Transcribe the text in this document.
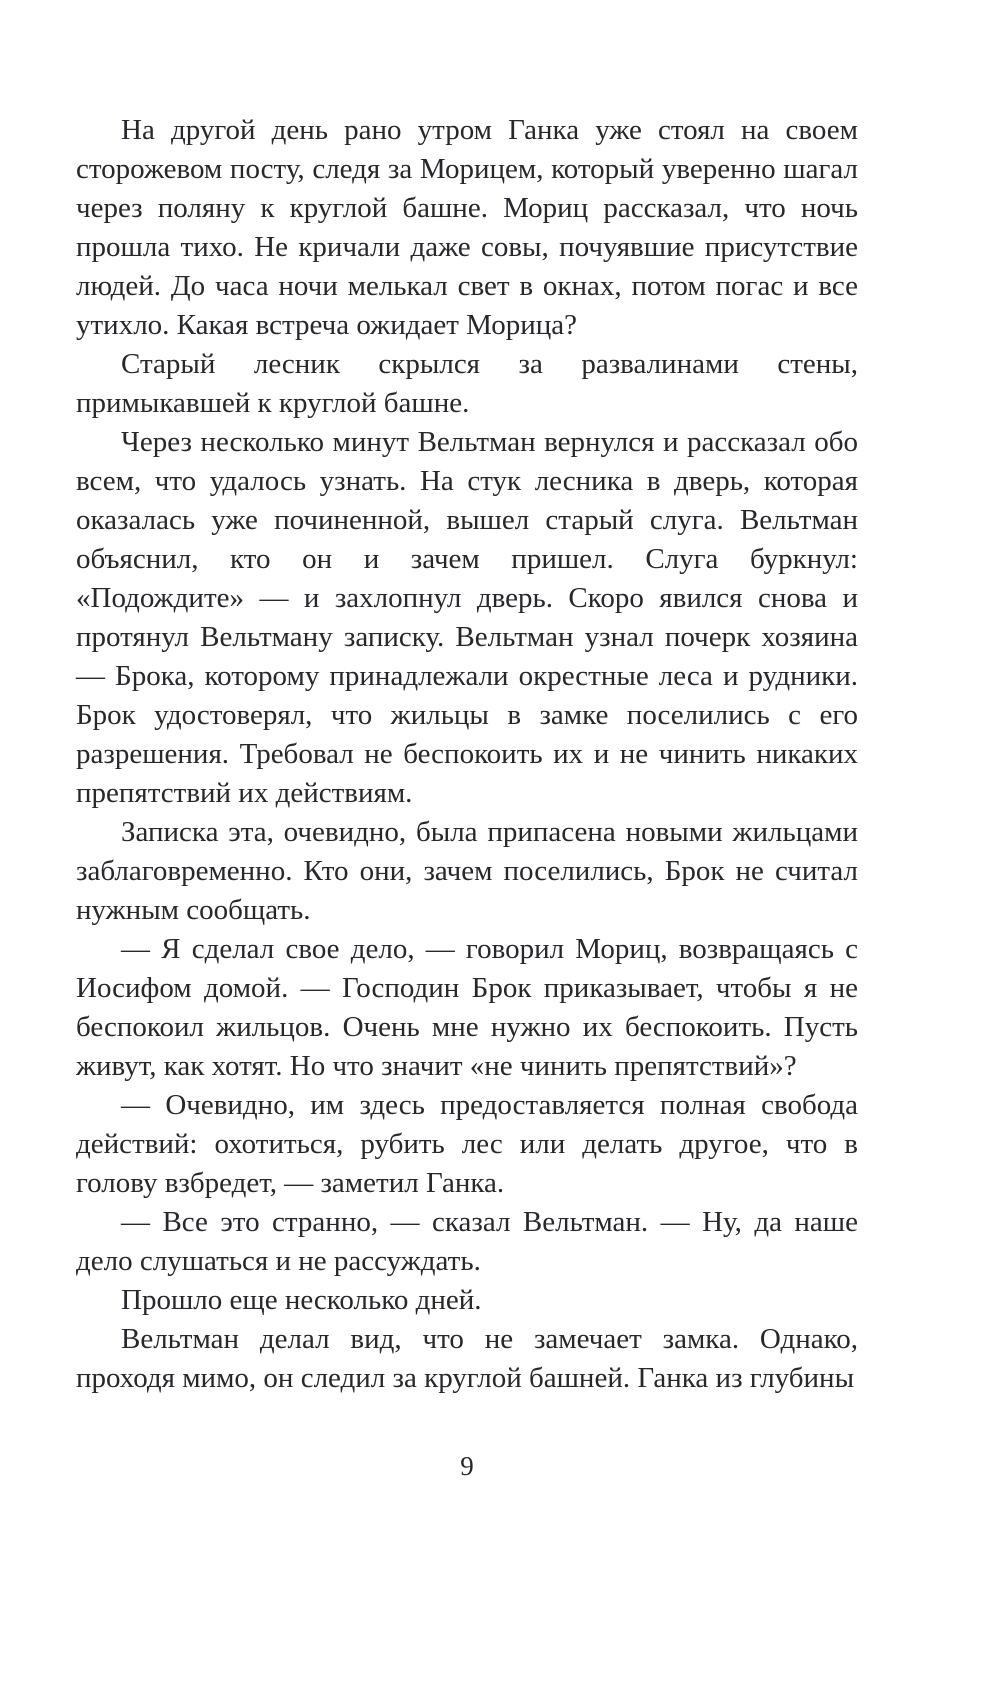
На другой день рано утром Ганка уже стоял на своем сторожевом посту, следя за Морицем, который уверенно шагал через поляну к круглой башне. Мориц рассказал, что ночь прошла тихо. Не кричали даже совы, почуявшие присутствие людей. До часа ночи мелькал свет в окнах, потом погас и все утихло. Какая встреча ожидает Морица?

Старый лесник скрылся за развалинами стены, примыкавшей к круглой башне.

Через несколько минут Вельтман вернулся и рассказал обо всем, что удалось узнать. На стук лесника в дверь, которая оказалась уже починенной, вышел старый слуга. Вельтман объяснил, кто он и зачем пришел. Слуга буркнул: «Подождите» — и захлопнул дверь. Скоро явился снова и протянул Вельтману записку. Вельтман узнал почерк хозяина — Брока, которому принадлежали окрестные леса и рудники. Брок удостоверял, что жильцы в замке поселились с его разрешения. Требовал не беспокоить их и не чинить никаких препятствий их действиям.

Записка эта, очевидно, была припасена новыми жильцами заблаговременно. Кто они, зачем поселились, Брок не считал нужным сообщать.

— Я сделал свое дело, — говорил Мориц, возвращаясь с Иосифом домой. — Господин Брок приказывает, чтобы я не беспокоил жильцов. Очень мне нужно их беспокоить. Пусть живут, как хотят. Но что значит «не чинить препятствий»?

— Очевидно, им здесь предоставляется полная свобода действий: охотиться, рубить лес или делать другое, что в голову взбредет, — заметил Ганка.

— Все это странно, — сказал Вельтман. — Ну, да наше дело слушаться и не рассуждать.

Прошло еще несколько дней.

Вельтман делал вид, что не замечает замка. Однако, проходя мимо, он следил за круглой башней. Ганка из глубины

9
